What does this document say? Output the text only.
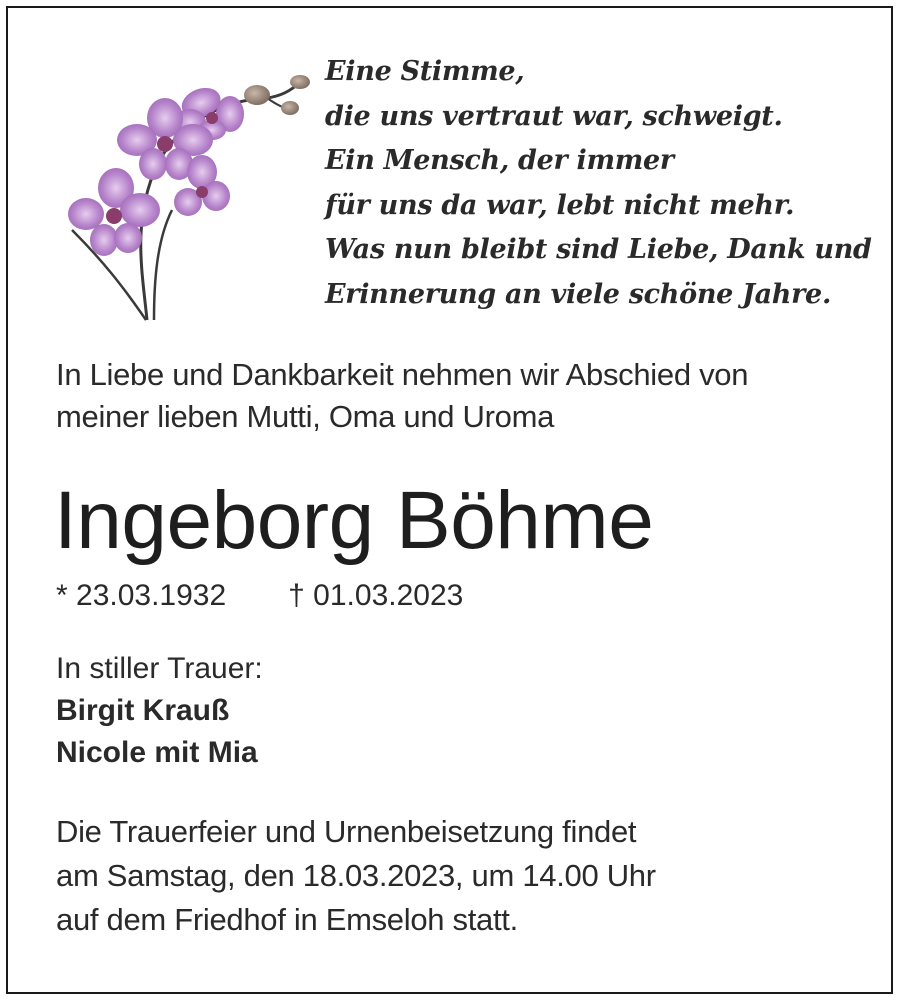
Eine Stimme,
die uns vertraut war, schweigt.
Ein Mensch, der immer
für uns da war, lebt nicht mehr.
Was nun bleibt sind Liebe, Dank und
Erinnerung an viele schöne Jahre.
In Liebe und Dankbarkeit nehmen wir Abschied von
meiner lieben Mutti, Oma und Uroma
Ingeborg Böhme
* 23.03.1932 † 01.03.2023
In stiller Trauer:
Birgit Krauß
Nicole mit Mia
Die Trauerfeier und Urnenbeisetzung findet
am Samstag, den 18.03.2023, um 14.00 Uhr
auf dem Friedhof in Emseloh statt.
